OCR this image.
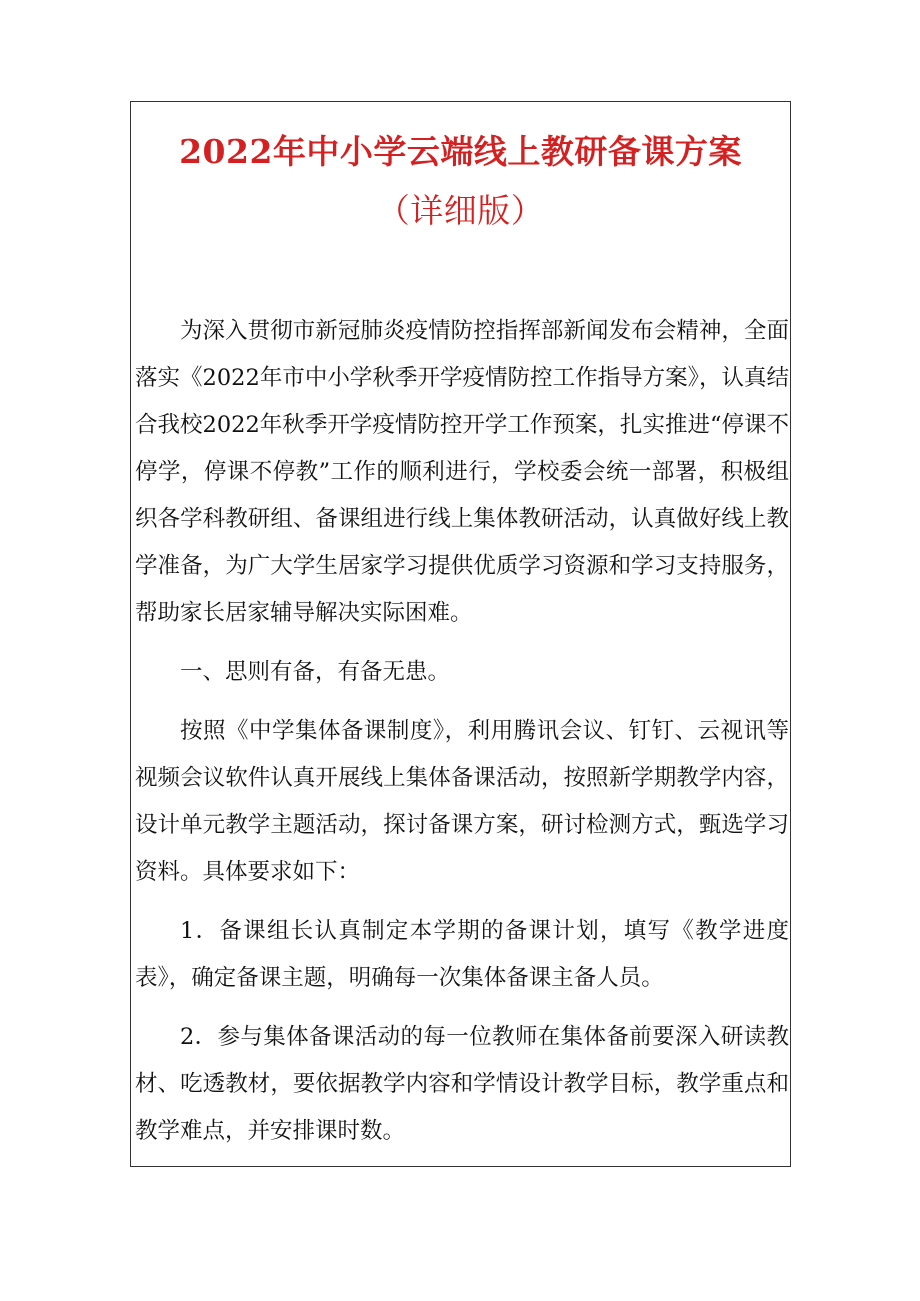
2022年中小学云端线上教研备课方案
（详细版）

为深入贯彻市新冠肺炎疫情防控指挥部新闻发布会精神，全面落实《2022年市中小学秋季开学疫情防控工作指导方案》，认真结合我校2022年秋季开学疫情防控开学工作预案，扎实推进“停课不停学，停课不停教”工作的顺利进行，学校委会统一部署，积极组织各学科教研组、备课组进行线上集体教研活动，认真做好线上教学准备，为广大学生居家学习提供优质学习资源和学习支持服务，帮助家长居家辅导解决实际困难。

一、思则有备，有备无患。

按照《中学集体备课制度》，利用腾讯会议、钉钉、云视讯等视频会议软件认真开展线上集体备课活动，按照新学期教学内容，设计单元教学主题活动，探讨备课方案，研讨检测方式，甄选学习资料。具体要求如下：

1．备课组长认真制定本学期的备课计划，填写《教学进度表》，确定备课主题，明确每一次集体备课主备人员。

2．参与集体备课活动的每一位教师在集体备前要深入研读教材、吃透教材，要依据教学内容和学情设计教学目标，教学重点和教学难点，并安排课时数。
